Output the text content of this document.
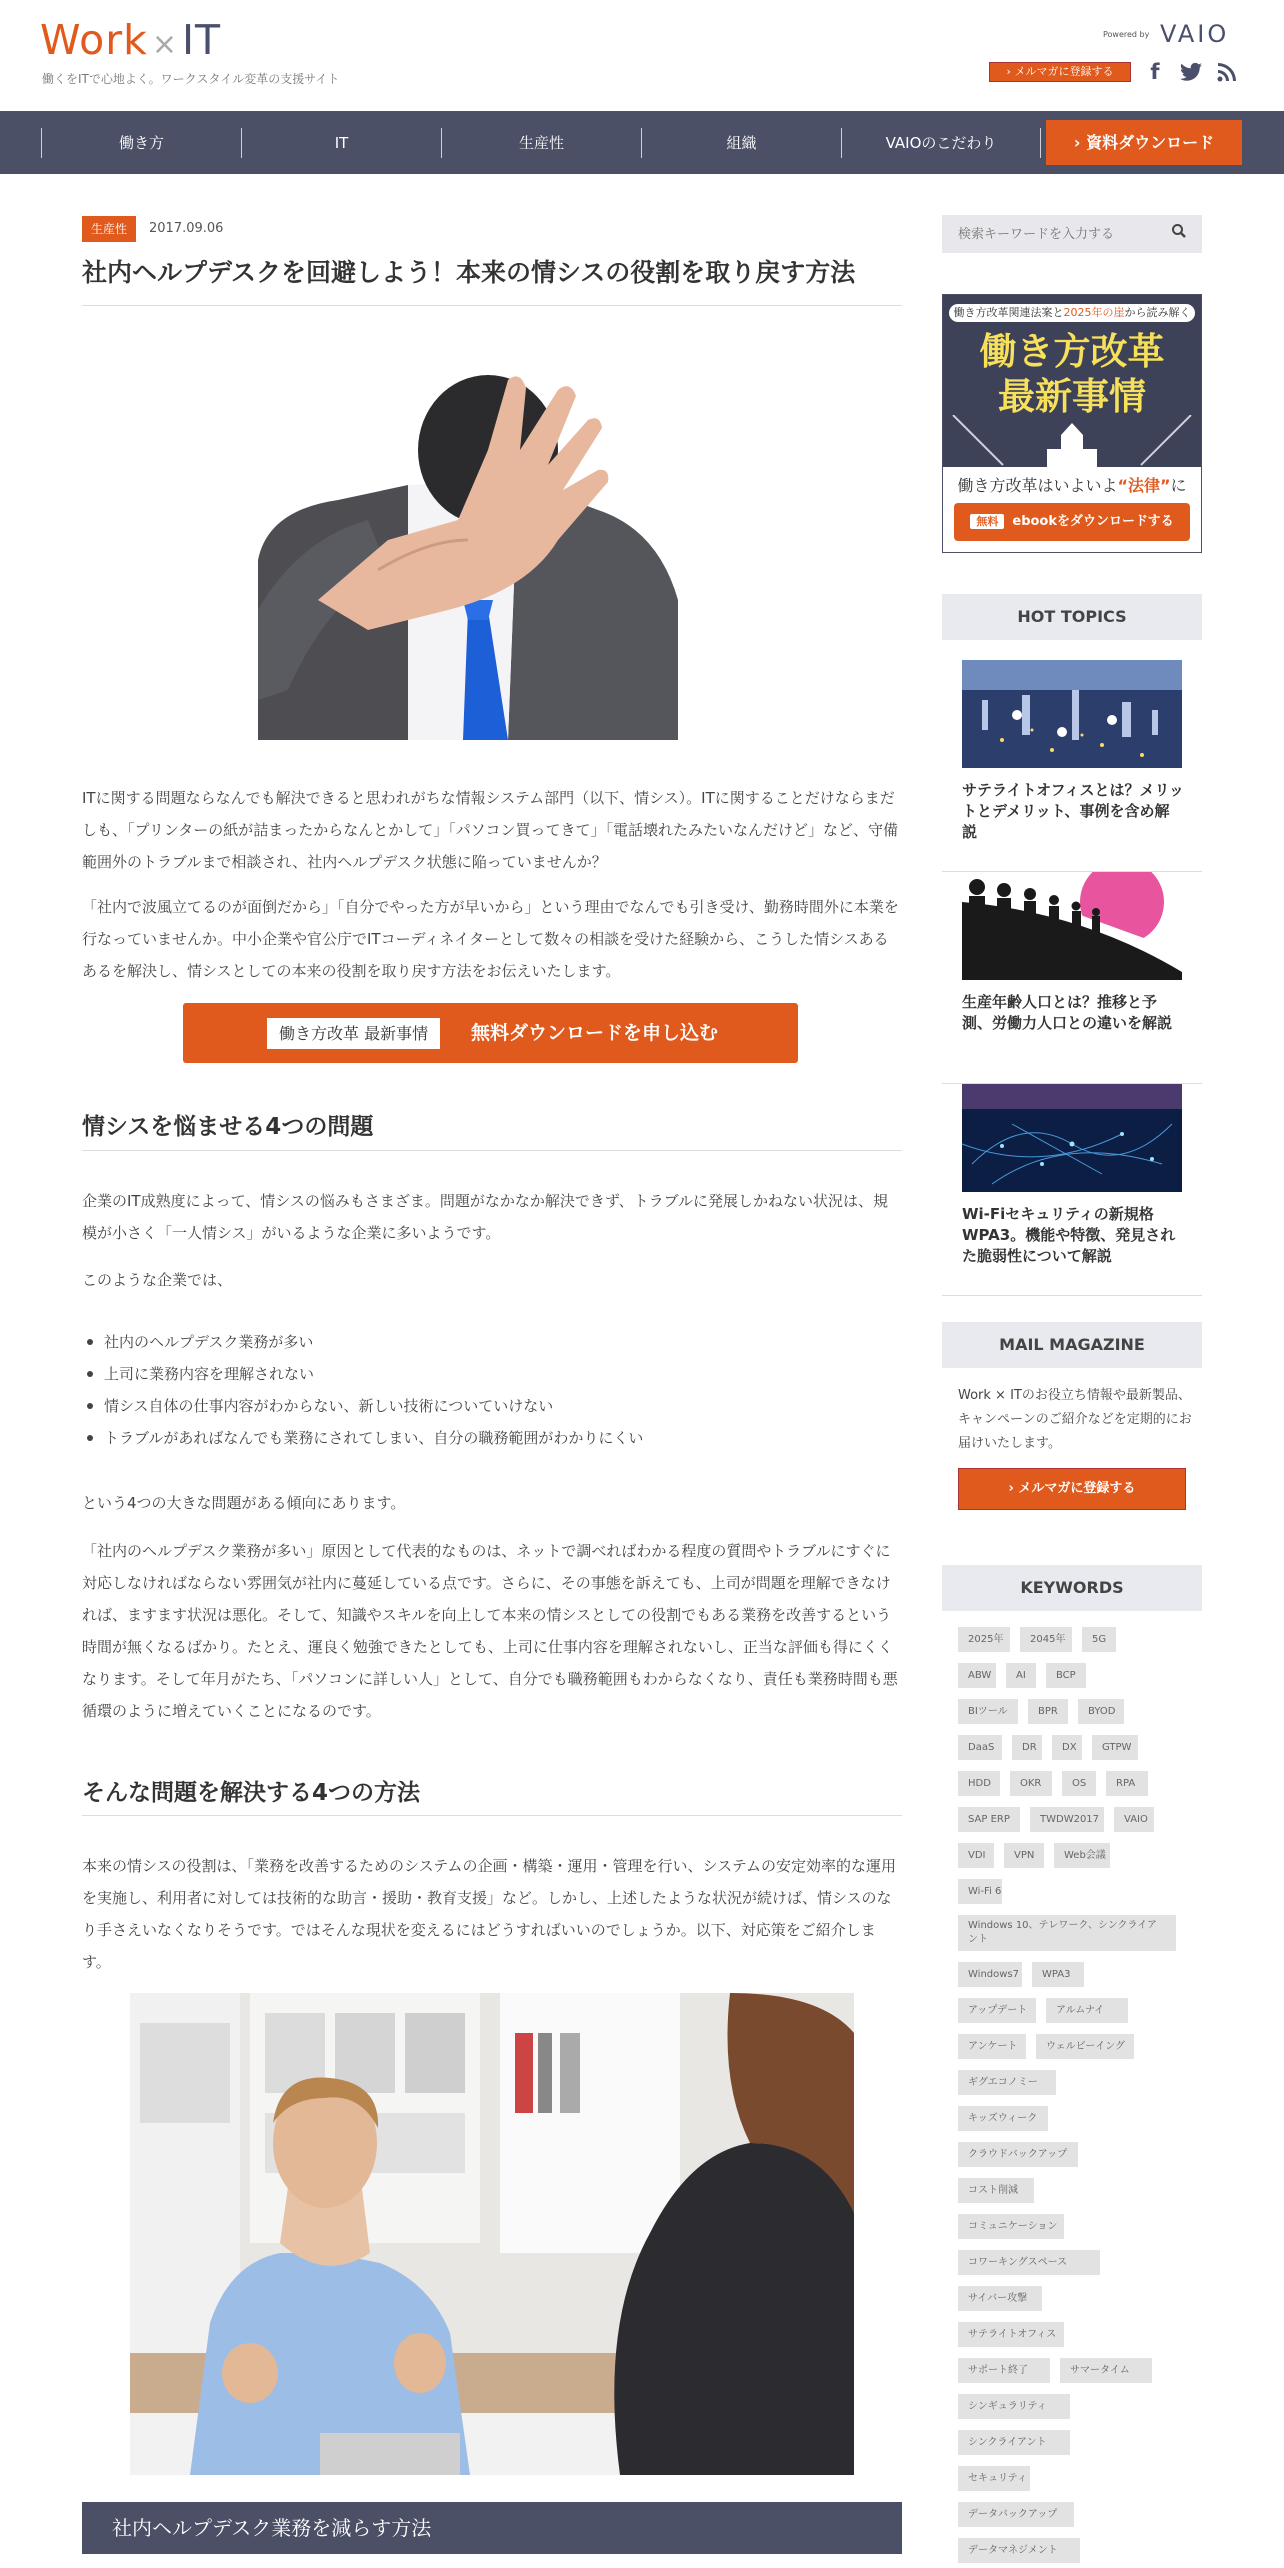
Work ×IT
働くをITで心地よく。ワークスタイル変革の支援サイト
Powered by VAIO
› メルマガに登録する	f
働き方	IT	生産性	組織	VAIOのこだわり	› 資料ダウンロード
生産性	2017.09.06
社内ヘルプデスクを回避しよう！本来の情シスの役割を取り戻す方法

ITに関する問題ならなんでも解決できると思われがちな情報システム部門（以下、情シス）。ITに関することだけならまだしも、「プリンターの紙が詰まったからなんとかして」「パソコン買ってきて」「電話壊れたみたいなんだけど」など、守備範囲外のトラブルまで相談され、社内ヘルプデスク状態に陥っていませんか？

「社内で波風立てるのが面倒だから」「自分でやった方が早いから」という理由でなんでも引き受け、勤務時間外に本業を行なっていませんか。中小企業や官公庁でITコーディネイターとして数々の相談を受けた経験から、こうした情シスあるあるを解決し、情シスとしての本来の役割を取り戻す方法をお伝えいたします。

働き方改革 最新事情	無料ダウンロードを申し込む
情シスを悩ませる4つの問題

企業のIT成熟度によって、情シスの悩みもさまざま。問題がなかなか解決できず、トラブルに発展しかねない状況は、規模が小さく「一人情シス」がいるような企業に多いようです。

このような企業では、

社内のヘルプデスク業務が多い
上司に業務内容を理解されない
情シス自体の仕事内容がわからない、新しい技術についていけない
トラブルがあればなんでも業務にされてしまい、自分の職務範囲がわかりにくい

という4つの大きな問題がある傾向にあります。

「社内のヘルプデスク業務が多い」原因として代表的なものは、ネットで調べればわかる程度の質問やトラブルにすぐに対応しなければならない雰囲気が社内に蔓延している点です。さらに、その事態を訴えても、上司が問題を理解できなければ、ますます状況は悪化。そして、知識やスキルを向上して本来の情シスとしての役割でもある業務を改善するという時間が無くなるばかり。たとえ、運良く勉強できたとしても、上司に仕事内容を理解されないし、正当な評価も得にくくなります。そして年月がたち、「パソコンに詳しい人」として、自分でも職務範囲もわからなくなり、責任も業務時間も悪循環のように増えていくことになるのです。

そんな問題を解決する4つの方法

本来の情シスの役割は、「業務を改善するためのシステムの企画・構築・運用・管理を行い、システムの安定効率的な運用を実施し、利用者に対しては技術的な助言・援助・教育支援」など。しかし、上述したような状況が続けば、情シスのなり手さえいなくなりそうです。ではそんな現状を変えるにはどうすればいいのでしょうか。以下、対応策をご紹介します。

社内ヘルプデスク業務を減らす方法
検索キーワードを入力する
働き方改革関連法案と2025年の崖から読み解く
働き方改革
最新事情
働き方改革はいよいよ“法律”に
無料 ebookをダウンロードする
HOT TOPICS
サテライトオフィスとは？メリットとデメリット、事例を含め解説
生産年齢人口とは？推移と予測、労働力人口との違いを解説
Wi-Fiセキュリティの新規格WPA3。機能や特徴、発見された脆弱性について解説
MAIL MAGAZINE
Work × ITのお役立ち情報や最新製品、キャンペーンのご紹介などを定期的にお届けいたします。
› メルマガに登録する
KEYWORDS
2025年	2045年	5G
ABW	AI	BCP
BIツール	BPR	BYOD
DaaS	DR	DX	GTPW
HDD	OKR	OS	RPA
SAP ERP	TWDW2017	VAIO
VDI	VPN	Web会議
Wi-Fi 6
Windows 10、テレワーク、シンクライアント
Windows7	WPA3
アップデート	アルムナイ
アンケート	ウェルビーイング
ギグエコノミー
キッズウィーク
クラウドバックアップ
コスト削減
コミュニケーション
コワーキングスペース
サイバー攻撃
サテライトオフィス
サポート終了	サマータイム
シンギュラリティ
シンクライアント
セキュリティ
データバックアップ
データマネジメント
